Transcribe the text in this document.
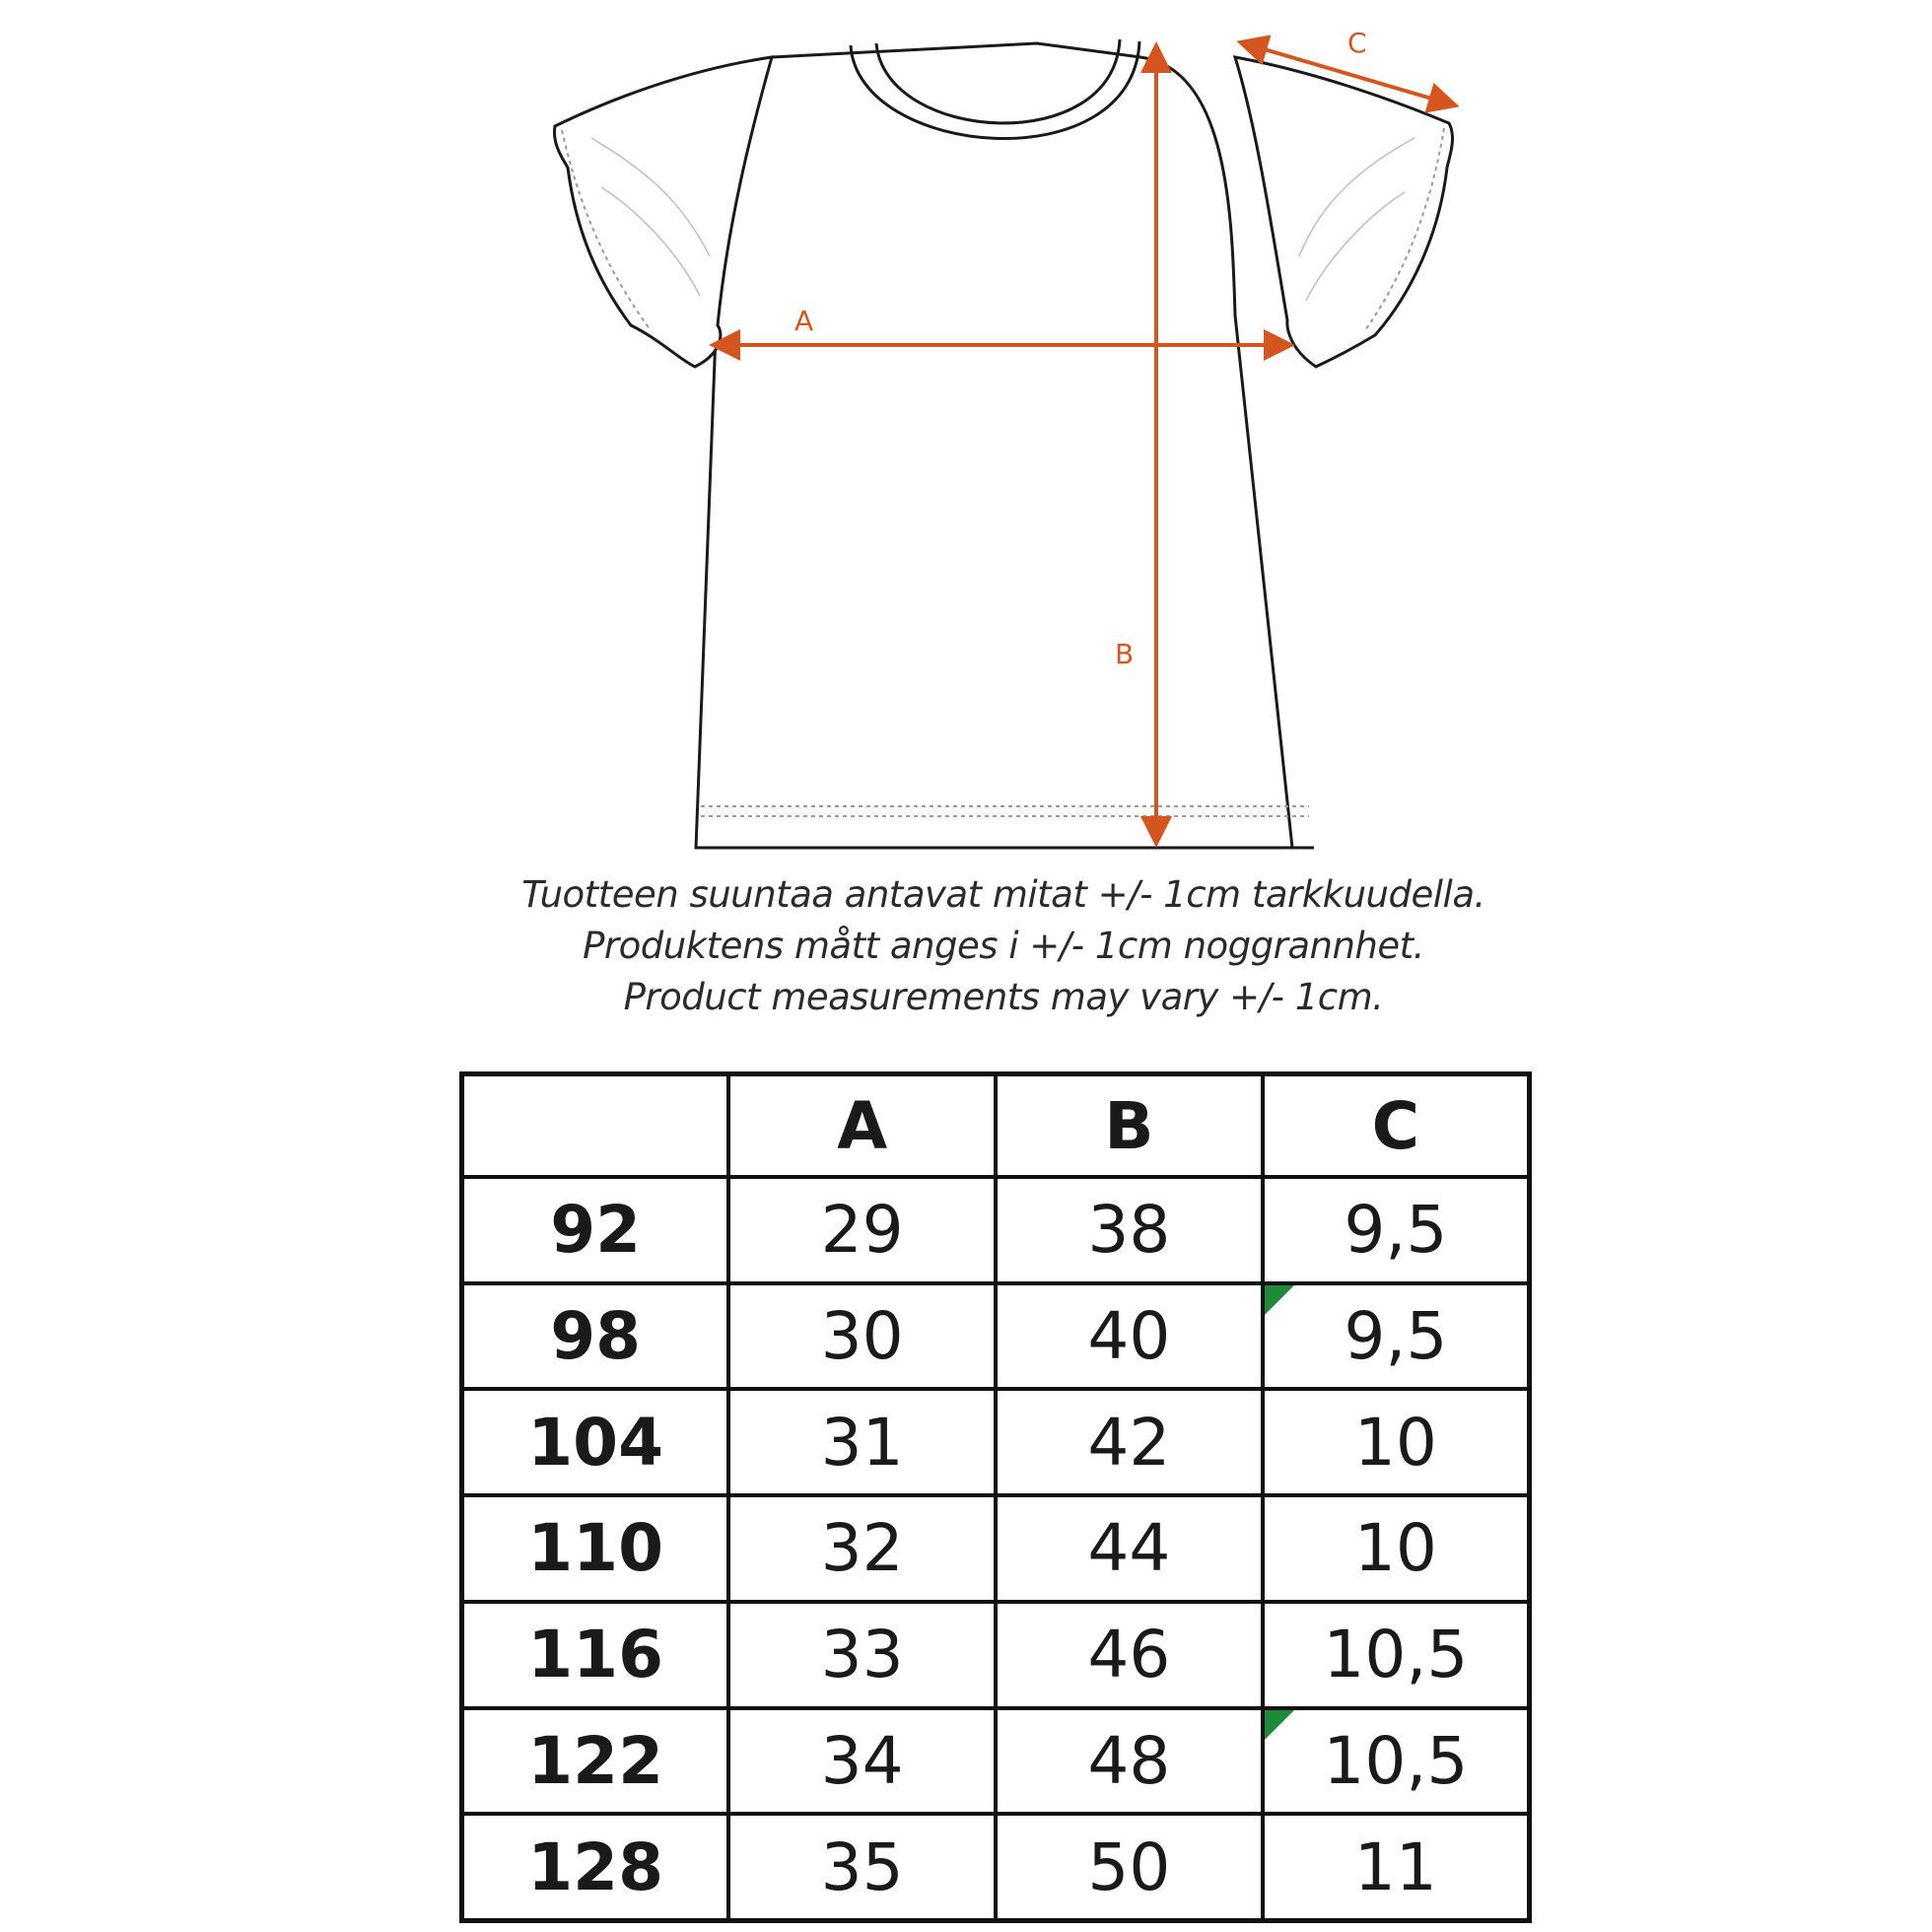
A
B
C
Tuotteen suuntaa antavat mitat +/- 1cm tarkkuudella.
Produktens mått anges i +/- 1cm noggrannhet.
Product measurements may vary +/- 1cm.
	A	B	C
92	29	38	9,5
98	30	40	9,5
104	31	42	10
110	32	44	10
116	33	46	10,5
122	34	48	10,5
128	35	50	11
